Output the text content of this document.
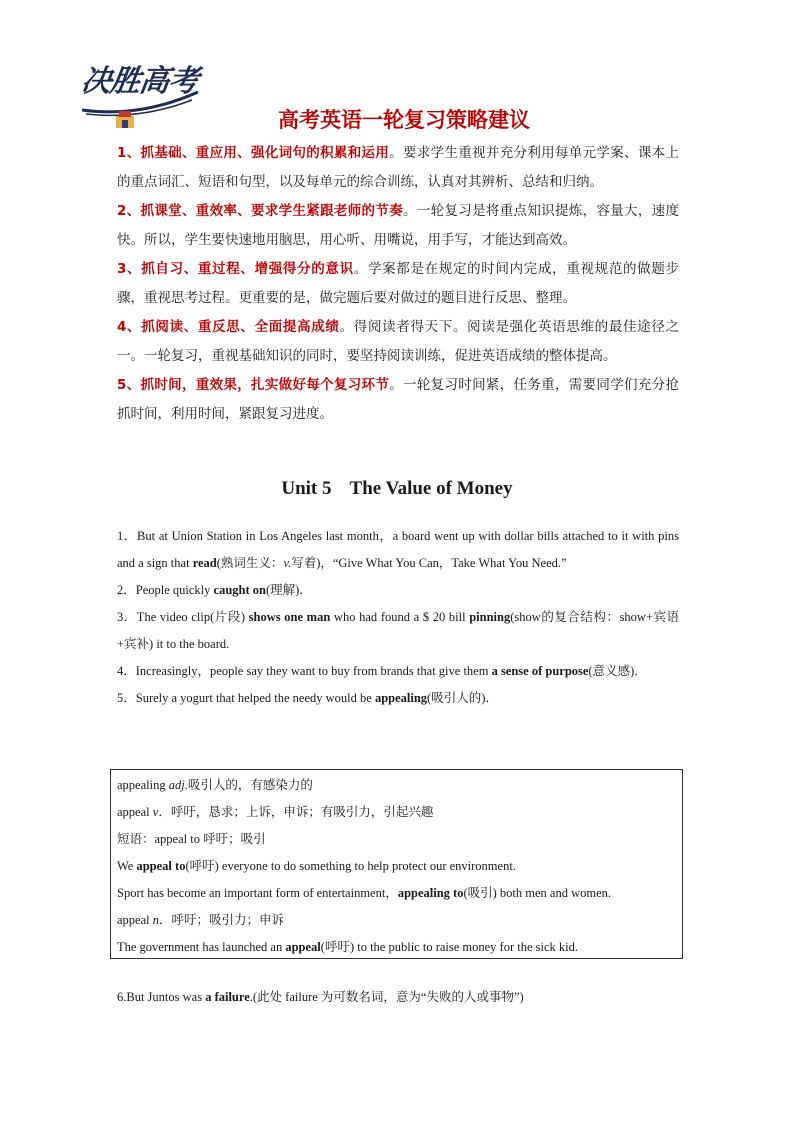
决胜高考
高考英语一轮复习策略建议

1、抓基础、重应用、强化词句的积累和运用。要求学生重视并充分利用每单元学案、课本上的重点词汇、短语和句型，以及每单元的综合训练，认真对其辨析、总结和归纳。

2、抓课堂、重效率、要求学生紧跟老师的节奏。一轮复习是将重点知识提炼，容量大，速度快。所以，学生要快速地用脑思，用心听、用嘴说，用手写，才能达到高效。

3、抓自习、重过程、增强得分的意识。学案都是在规定的时间内完成，重视规范的做题步骤，重视思考过程。更重要的是，做完题后要对做过的题目进行反思、整理。

4、抓阅读、重反思、全面提高成绩。得阅读者得天下。阅读是强化英语思维的最佳途径之一。一轮复习，重视基础知识的同时，要坚持阅读训练，促进英语成绩的整体提高。

5、抓时间，重效果，扎实做好每个复习环节。一轮复习时间紧，任务重，需要同学们充分抢抓时间，利用时间，紧跟复习进度。

Unit 5 The Value of Money

1．But at Union Station in Los Angeles last month，a board went up with dollar bills attached to it with pins and a sign that read(熟词生义：v.写着)，“Give What You Can，Take What You Need.”

2．People quickly caught on(理解)．

3．The video clip(片段) shows one man who had found a $ 20 bill pinning(show的复合结构：show+宾语+宾补) it to the board.

4．Increasingly，people say they want to buy from brands that give them a sense of purpose(意义感)．

5．Surely a yogurt that helped the needy would be appealing(吸引人的)．

appealing adj.吸引人的，有感染力的

appeal v．呼吁，恳求；上诉，申诉；有吸引力，引起兴趣

短语：appeal to 呼吁；吸引

We appeal to(呼吁) everyone to do something to help protect our environment.

Sport has become an important form of entertainment，appealing to(吸引) both men and women.

appeal n．呼吁；吸引力；申诉

The government has launched an appeal(呼吁) to the public to raise money for the sick kid.

6.But Juntos was a failure.(此处 failure 为可数名词，意为“失败的人或事物”)
